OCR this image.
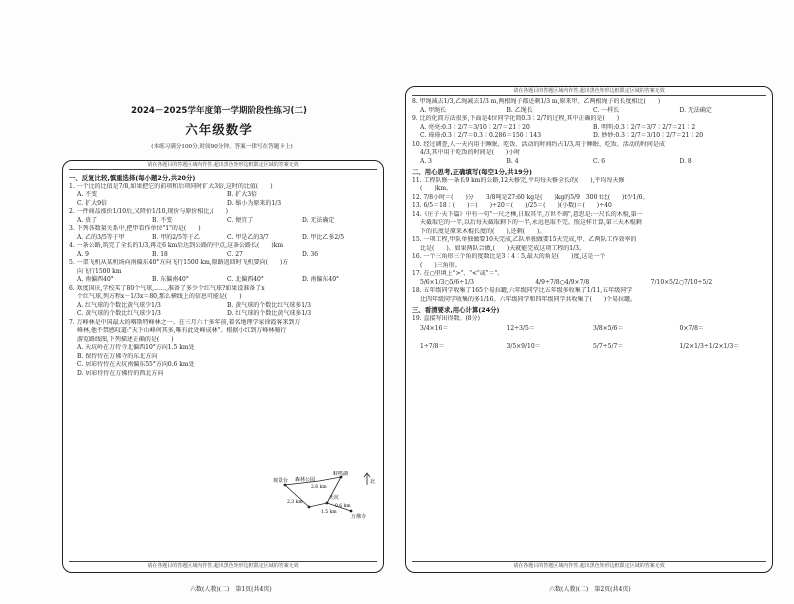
2024－2025学年度第一学期阶段性练习(二)
六年级数学
(本练习满分100分,时间90分钟。答案一律写在答题卡上)
请在各题目的答题区域内作答,超出黑色矩形边框限定区域的答案无效
一、反复比较,慎重选择(每小题2分,共20分)
1. 一个比的比值是7/8,如果把它的前项和后项同时扩大3倍,这时的比值(　　)
A. 不变	B. 扩大3倍
C. 扩大9倍	D. 缩小为原来的1/3
2. 一件商品涨价1/10后,又降价1/10,现价与原价相比,(　　)
A. 贵了	B. 不变	C. 便宜了	D. 无法确定
3. 下列各数量关系中,把甲看作单位"1"的是(　　)
A. 乙的3/5等于甲	B. 甲的2/5等于乙	C. 甲是乙的3/7	D. 甲比乙多2/5
4. 一条公路,筑完了全长的1/3,再走6 km后达到公路的中点,这条公路长(　　)km
A. 9	B. 18	C. 27	D. 36
5. 一架飞机从某机场向南偏东40°方向飞行1500 km,原路返回时飞机要向(　　)方
向飞行1500 km
A. 南偏西40°	B. 东偏南40°	C. 北偏西40°	D. 南偏东40°
6. 欢度国庆,学校买了80个气球,……,准备了多少个红气球?如果设准备了x
个红气球,列方程x－1/3x＝80,那么横线上的信息可能是(　　)
A. 红气球的个数比黄气球少1/3	B. 黄气球的个数比红气球多1/3
C. 黄气球的个数比红气球少1/3	D. 红气球的个数比黄气球多1/3
7. 万峰林是中国最大的喀斯特峰林之一。在三月六十多年前,着名地理学家徐霞客来到万
峰林,他不禁感叹道:"天下山峰何其多,唯有此处峰成林"。根据小红到万峰林骑行
游览路线图,下列描述正确的是(　　)
A. 天坑岭在万侍寺北偏西10°方向1.5 km处
B. 保侍侍在万佛寺的东北方向
C. 居彩侍侍在天坑南偏东55°方向0.6 km处
D. 居彩侍侍在万佛侍的西北方向
观景台
蛙鸣湖
森林公园
天坑
万佛寺
北
2.6 km
2.3 km
1.5 km
0.6 km
请在各题目的答题区域内作答,超出黑色矩形边框限定区域的答案无效
六数(人教)(二)　第1页(共4页)
请在各题目的答题区域内作答,超出黑色矩形边框限定区域的答案无效
8. 甲绳减去1/3,乙绳减去1/3 m,两根绳子都还剩1/3 m,原来甲、乙两根绳子的长度相比(　　)
A. 甲绳长	B. 乙绳长	C. 一样长	D. 无法确定
9. 比的化简方法很多,下面是4位同学化简0.3∶2/7的过程,其中正确的是(　　)
A. 亮亮:0.3∶2/7＝3/10∶2/7＝21∶20	B. 明明:0.3∶2/7＝3/7∶2/7＝21∶2
C. 琦琦:0.3∶2/7＝0.3∶0.286＝150∶143	D. 妙妙:0.3∶2/7＝3/10∶2/7＝21∶20
10. 经过调查,人一天内用于睡眠、吃饭、活动的时间约占1/3,用于睡眠、吃饭、活动的时间是成
4/3,其中用于吃饭的时间是(　　)小时
A. 3	B. 4	C. 6	D. 8
二、用心思考,正确填写(每空1分,共19分)
11. 工程队修一条长9 km的公路,12天修完,平均每天修全长的(　　),平均每天修
(　　)km。
12. 7/8小时＝(　　)分　　3/8吨是27:60 kg是(　　)kg的5/9　300 t比(　　)t少1/6。
13. 6/5＝18∶(　　)＝(　　)÷20＝(　　)/25＝(　　)(小数)＝(　　)÷40
14.《庄子·天下篇》中有一句"一尺之棰,日取其半,万世不竭",意思是:一尺长的木棍,第一
天截取它的一半,以后每天截取剩下的一半,永远也取不完。照这样计算,第三天木棍剩
下的长度是原来木棍长度的(　　),还剩(　　)。
15. 一项工程,甲队单独做要10天完成,乙队单独做要15天完成,甲、乙两队工作效率的
比是(　　)。如果两队合做,(　　)天就能完成这项工程的1/3。
16. 一个三角形三个角的度数比是3∶4∶5,最大的角是(　　)度,这是一个
(　　)三角形。
17. 在○里填上">"、"<"或"＝"。
5/6×1/3○5/6÷1/3	4/9÷7/8○4/9×7/8	7/10×5/2○7/10÷5/2
18. 五年级同学收集了165个易拉罐,六年级同学比五年级多收集了1/11,五年级同学
比四年级同学收集的多1/16。六年级同学和四年级同学共收集了(　　)个易拉罐。
三、看清要求,用心计算(24分)
19. 直接写出得数。(8分)
3/4×16＝	12÷3/5＝	3/8×5/6＝	0×7/8＝
1÷7/8＝	3/5×9/10＝	5/7÷5/7＝	1/2×1/3÷1/2×1/3＝
请在各题目的答题区域内作答,超出黑色矩形边框限定区域的答案无效
六数(人教)(二)　第2页(共4页)
